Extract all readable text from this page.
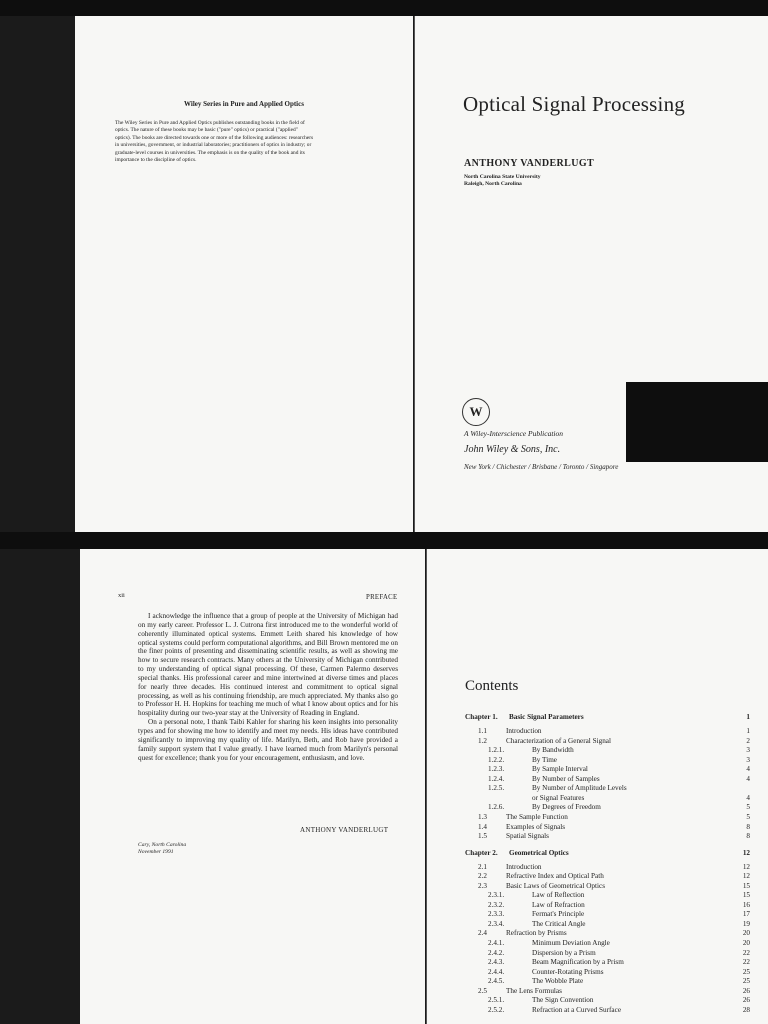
Wiley Series in Pure and Applied Optics
The Wiley Series in Pure and Applied Optics publishes outstanding books in the field of
optics. The nature of these books may be basic ("pure" optics) or practical ("applied"
optics). The books are directed towards one or more of the following audiences: researchers
in universities, government, or industrial laboratories; practitioners of optics in industry; or
graduate-level courses in universities. The emphasis is on the quality of the book and its
importance to the discipline of optics.
Optical Signal Processing
ANTHONY VANDERLUGT
North Carolina State University
Raleigh, North Carolina
W
A Wiley-Interscience Publication
John Wiley & Sons, Inc.
New York / Chichester / Brisbane / Toronto / Singapore
xii	PREFACE

I acknowledge the influence that a group of people at the University of Michigan had on my early career. Professor L. J. Cutrona first introduced me to the wonderful world of coherently illuminated optical systems. Emmett Leith shared his knowledge of how optical systems could perform computational algorithms, and Bill Brown mentored me on the finer points of presenting and disseminating scientific results, as well as showing me how to secure research contracts. Many others at the University of Michigan contributed to my understanding of optical signal processing. Of these, Carmen Palermo deserves special thanks. His professional career and mine intertwined at diverse times and places for nearly three decades. His continued interest and commitment to optical signal processing, as well as his continuing friendship, are much appreciated. My thanks also go to Professor H. H. Hopkins for teaching me much of what I know about optics and for his hospitality during our two-year stay at the University of Reading in England.

On a personal note, I thank Taibi Kahler for sharing his keen insights into personality types and for showing me how to identify and meet my needs. His ideas have contributed significantly to improving my quality of life. Marilyn, Beth, and Rob have provided a family support system that I value greatly. I have learned much from Marilyn's personal quest for excellence; thank you for your encouragement, enthusiasm, and love.

ANTHONY VANDERLUGT
Cary, North Carolina
November 1991
Contents
Chapter 1. Basic Signal Parameters	1
1.1	Introduction	1
1.2	Characterization of a General Signal	2
1.2.1.	By Bandwidth	3
1.2.2.	By Time	3
1.2.3.	By Sample Interval	4
1.2.4.	By Number of Samples	4
1.2.5.	By Number of Amplitude Levels
or Signal Features	4
1.2.6.	By Degrees of Freedom	5
1.3	The Sample Function	5
1.4	Examples of Signals	8
1.5	Spatial Signals	8
Chapter 2. Geometrical Optics	12
2.1	Introduction	12
2.2	Refractive Index and Optical Path	12
2.3	Basic Laws of Geometrical Optics	15
2.3.1.	Law of Reflection	15
2.3.2.	Law of Refraction	16
2.3.3.	Fermat's Principle	17
2.3.4.	The Critical Angle	19
2.4	Refraction by Prisms	20
2.4.1.	Minimum Deviation Angle	20
2.4.2.	Dispersion by a Prism	22
2.4.3.	Beam Magnification by a Prism	22
2.4.4.	Counter-Rotating Prisms	25
2.4.5.	The Wobble Plate	25
2.5	The Lens Formulas	26
2.5.1.	The Sign Convention	26
2.5.2.	Refraction at a Curved Surface	28
